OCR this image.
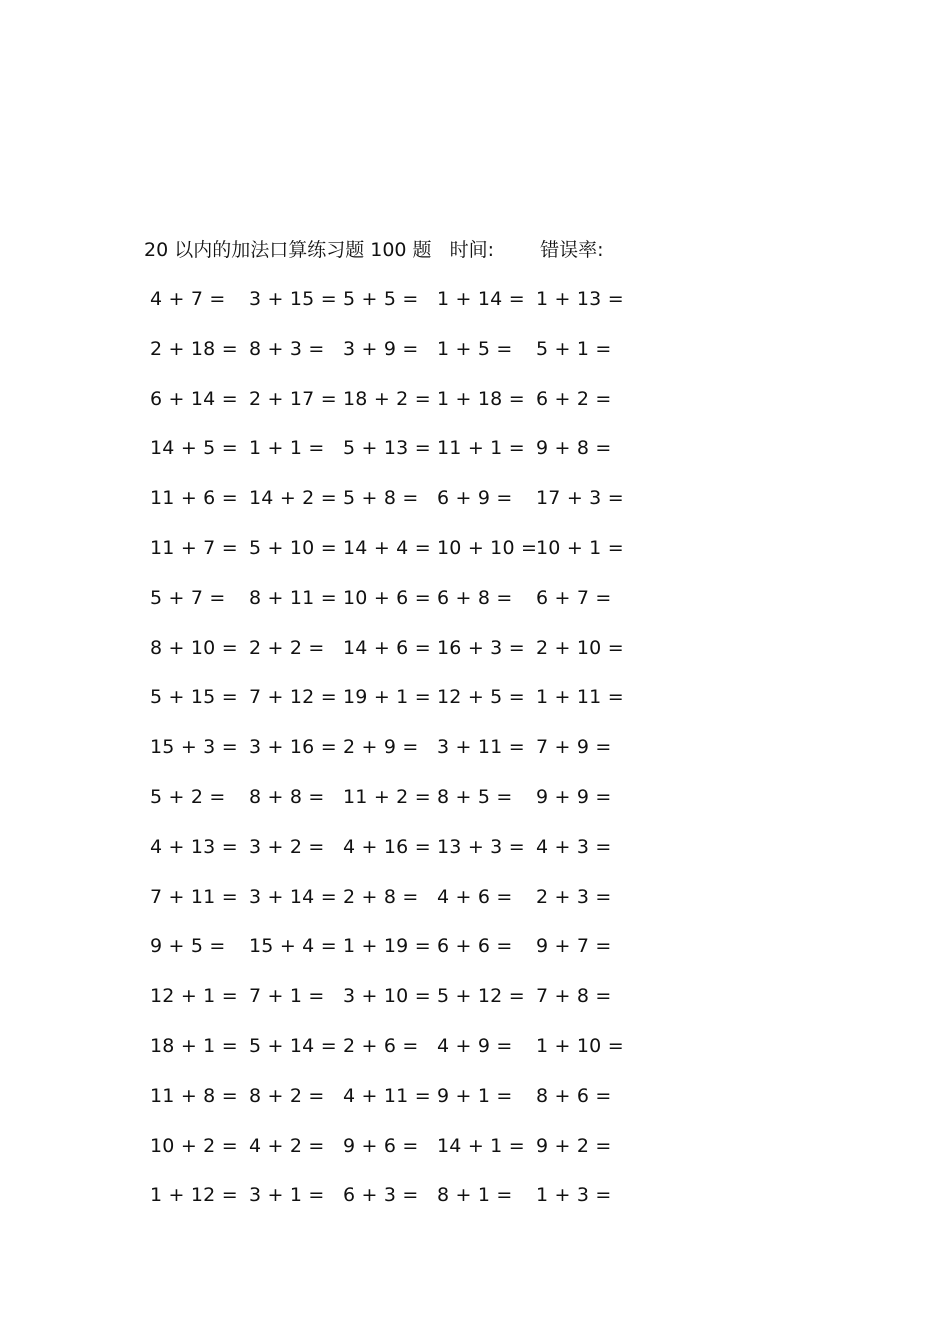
20 以内的加法口算练习题 100 题 时间: 错误率:
4 + 7 = 3 + 15 = 5 + 5 = 1 + 14 = 1 + 13 =
2 + 18 = 8 + 3 = 3 + 9 = 1 + 5 = 5 + 1 =
6 + 14 = 2 + 17 = 18 + 2 = 1 + 18 = 6 + 2 =
14 + 5 = 1 + 1 = 5 + 13 = 11 + 1 = 9 + 8 =
11 + 6 = 14 + 2 = 5 + 8 = 6 + 9 = 17 + 3 =
11 + 7 = 5 + 10 = 14 + 4 = 10 + 10 =
10 + 1 =
5 + 7 = 8 + 11 = 10 + 6 = 6 + 8 = 6 + 7 =
8 + 10 = 2 + 2 = 14 + 6 = 16 + 3 = 2 + 10 =
5 + 15 = 7 + 12 = 19 + 1 = 12 + 5 = 1 + 11 =
15 + 3 = 3 + 16 = 2 + 9 = 3 + 11 = 7 + 9 =
5 + 2 = 8 + 8 = 11 + 2 = 8 + 5 = 9 + 9 =
4 + 13 = 3 + 2 = 4 + 16 = 13 + 3 = 4 + 3 =
7 + 11 = 3 + 14 = 2 + 8 = 4 + 6 = 2 + 3 =
9 + 5 = 15 + 4 = 1 + 19 = 6 + 6 = 9 + 7 =
12 + 1 = 7 + 1 = 3 + 10 = 5 + 12 = 7 + 8 =
18 + 1 = 5 + 14 = 2 + 6 = 4 + 9 = 1 + 10 =
11 + 8 = 8 + 2 = 4 + 11 = 9 + 1 = 8 + 6 =
10 + 2 = 4 + 2 = 9 + 6 = 14 + 1 = 9 + 2 =
1 + 12 = 3 + 1 = 6 + 3 = 8 + 1 = 1 + 3 =
